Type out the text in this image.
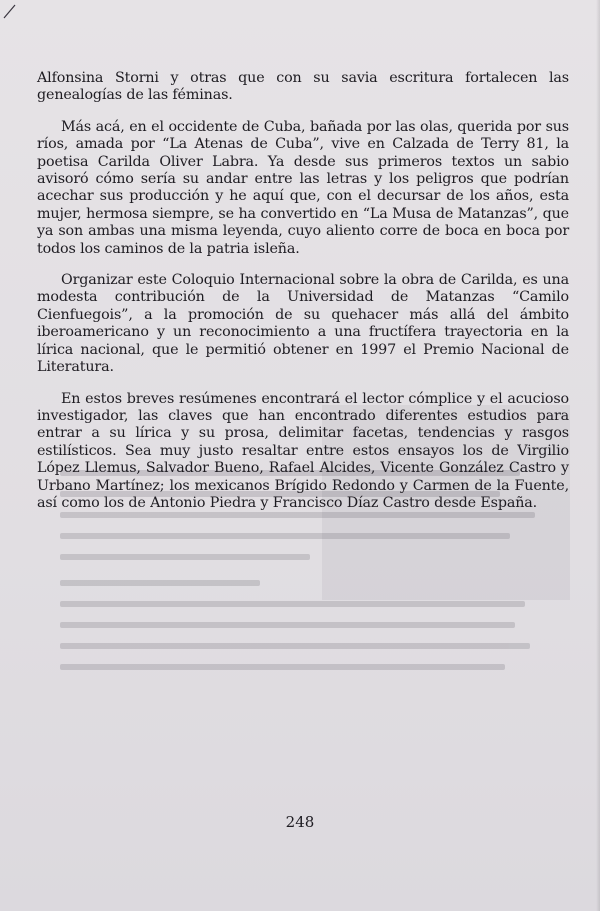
Alfonsina Storni y otras que con su savia escritura fortalecen las genealogías de las féminas.

Más acá, en el occidente de Cuba, bañada por las olas, querida por sus ríos, amada por “La Atenas de Cuba”, vive en Calzada de Terry 81, la poetisa Carilda Oliver Labra. Ya desde sus primeros textos un sabio avisoró cómo sería su andar entre las letras y los peligros que podrían acechar sus producción y he aquí que, con el decursar de los años, esta mujer, hermosa siempre, se ha convertido en “La Musa de Matanzas”, que ya son ambas una misma leyenda, cuyo aliento corre de boca en boca por todos los caminos de la patria isleña.

Organizar este Coloquio Internacional sobre la obra de Carilda, es una modesta contribución de la Universidad de Matanzas “Camilo Cienfuegois”, a la promoción de su quehacer más allá del ámbito iberoamericano y un reconocimiento a una fructífera trayectoria en la lírica nacional, que le permitió obtener en 1997 el Premio Nacional de Literatura.

En estos breves resúmenes encontrará el lector cómplice y el acucioso investigador, las claves que han encontrado diferentes estudios para entrar a su lírica y su prosa, delimitar facetas, tendencias y rasgos estilísticos. Sea muy justo resaltar entre estos ensayos los de Virgilio López Llemus, Salvador Bueno, Rafael Alcides, Vicente González Castro y Urbano Martínez; los mexicanos Brígido Redondo y Carmen de la Fuente, así como los de Antonio Piedra y Francisco Díaz Castro desde España.

248
